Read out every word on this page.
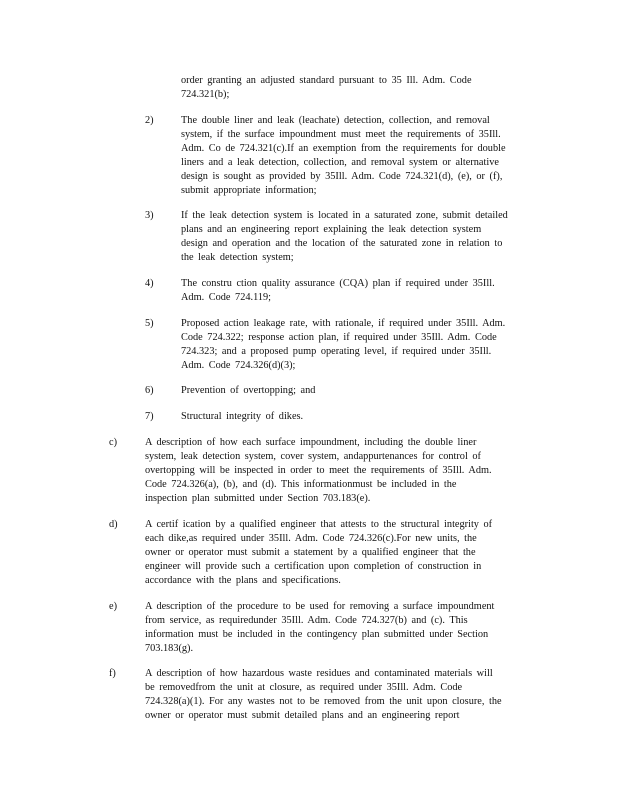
order granting an adjusted standard pursuant to 35 Ill. Adm. Code
724.321(b);
2)	The double liner and leak (leachate) detection, collection, and removal
system, if the surface impoundment must meet the requirements of 35Ill.
Adm. Co de 724.321(c).If an exemption from the requirements for double
liners and a leak detection, collection, and removal system or alternative
design is sought as provided by 35Ill. Adm. Code 724.321(d), (e), or (f),
submit appropriate information;
3)	If the leak detection system is located in a saturated zone, submit detailed
plans and an engineering report explaining the leak detection system
design and operation and the location of the saturated zone in relation to
the leak detection system;
4)	The constru ction quality assurance (CQA) plan if required under 35Ill.
Adm. Code 724.119;
5)	Proposed action leakage rate, with rationale, if required under 35Ill. Adm.
Code 724.322; response action plan, if required under 35Ill. Adm. Code
724.323; and a proposed pump operating level, if required under 35Ill.
Adm. Code 724.326(d)(3);
6)	Prevention of overtopping; and
7)	Structural integrity of dikes.
c)	A description of how each surface impoundment, including the double liner
system, leak detection system, cover system, andappurtenances for control of
overtopping will be inspected in order to meet the requirements of 35Ill. Adm.
Code 724.326(a), (b), and (d). This informationmust be included in the
inspection plan submitted under Section 703.183(e).
d)	A certif ication by a qualified engineer that attests to the structural integrity of
each dike,as required under 35Ill. Adm. Code 724.326(c).For new units, the
owner or operator must submit a statement by a qualified engineer that the
engineer will provide such a certification upon completion of construction in
accordance with the plans and specifications.
e)	A description of the procedure to be used for removing a surface impoundment
from service, as requiredunder 35Ill. Adm. Code 724.327(b) and (c). This
information must be included in the contingency plan submitted under Section
703.183(g).
f)	A description of how hazardous waste residues and contaminated materials will
be removedfrom the unit at closure, as required under 35Ill. Adm. Code
724.328(a)(1). For any wastes not to be removed from the unit upon closure, the
owner or operator must submit detailed plans and an engineering report
